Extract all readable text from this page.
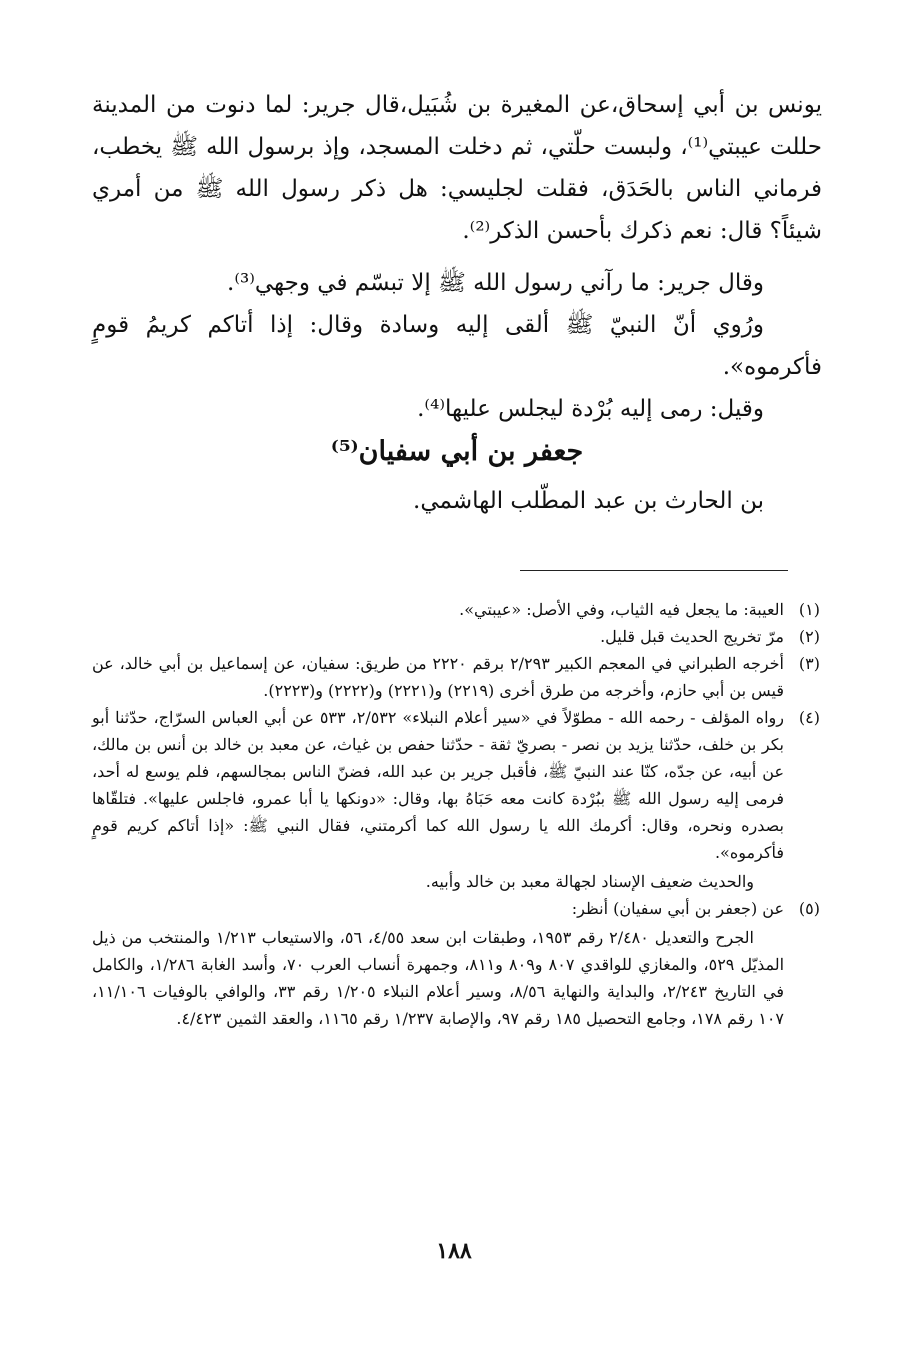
يونس بن أبي إسحاق،عن المغيرة بن شُبَيل،قال جرير: لما دنوت من المدينة حللت عيبتي⁽¹⁾، ولبست حلّتي، ثم دخلت المسجد، وإذ برسول الله ﷺ يخطب، فرماني الناس بالحَدَق، فقلت لجليسي: هل ذكر رسول الله ﷺ من أمري شيئاً؟ قال: نعم ذكرك بأحسن الذكر⁽²⁾.

وقال جرير: ما رآني رسول الله ﷺ إلا تبسّم في وجهي⁽³⁾.

ورُوي أنّ النبيّ ﷺ ألقى إليه وسادة وقال: إذا أتاكم كريمُ قومٍ فأكرموه».

وقيل: رمى إليه بُرْدة ليجلس عليها⁽⁴⁾.

جعفر بن أبي سفيان⁽⁵⁾

بن الحارث بن عبد المطّلب الهاشمي.

(١)
العيبة: ما يجعل فيه الثياب، وفي الأصل: «عيبتي».
(٢)
مرّ تخريج الحديث قبل قليل.
(٣)
أخرجه الطبراني في المعجم الكبير ٢/٢٩٣ برقم ٢٢٢٠ من طريق: سفيان، عن إسماعيل بن أبي خالد، عن قيس بن أبي حازم، وأخرجه من طرق أخرى (٢٢١٩) و(٢٢٢١) و(٢٢٢٢) و(٢٢٢٣).
(٤)
رواه المؤلف - رحمه الله - مطوّلاً في «سير أعلام النبلاء» ٢/٥٣٢، ٥٣٣ عن أبي العباس السرّاج، حدّثنا أبو بكر بن خلف، حدّثنا يزيد بن نصر - بصريّ ثقة - حدّثنا حفص بن غياث، عن معبد بن خالد بن أنس بن مالك، عن أبيه، عن جدّه، كنّا عند النبيّ ﷺ، فأقبل جرير بن عبد الله، فضنّ الناس بمجالسهم، فلم يوسع له أحد، فرمى إليه رسول الله ﷺ ببُرْدة كانت معه حَبَاهُ بها، وقال: «دونكها يا أبا عمرو، فاجلس عليها». فتلقّاها بصدره ونحره، وقال: أكرمك الله يا رسول الله كما أكرمتني، فقال النبي ﷺ: «إذا أتاكم كريم قومٍ فأكرموه».
والحديث ضعيف الإسناد لجهالة معبد بن خالد وأبيه.
(٥)
عن (جعفر بن أبي سفيان) أنظر:
الجرح والتعديل ٢/٤٨٠ رقم ١٩٥٣، وطبقات ابن سعد ٤/٥٥، ٥٦، والاستيعاب ١/٢١٣ والمنتخب من ذيل المذيّل ٥٢٩، والمغازي للواقدي ٨٠٧ و٨٠٩ و٨١١، وجمهرة أنساب العرب ٧٠، وأسد الغابة ١/٢٨٦، والكامل في التاريخ ٢/٢٤٣، والبداية والنهاية ٨/٥٦، وسير أعلام النبلاء ١/٢٠٥ رقم ٣٣، والوافي بالوفيات ١١/١٠٦، ١٠٧ رقم ١٧٨، وجامع التحصيل ١٨٥ رقم ٩٧، والإصابة ١/٢٣٧ رقم ١١٦٥، والعقد الثمين ٤/٤٢٣.
١٨٨
